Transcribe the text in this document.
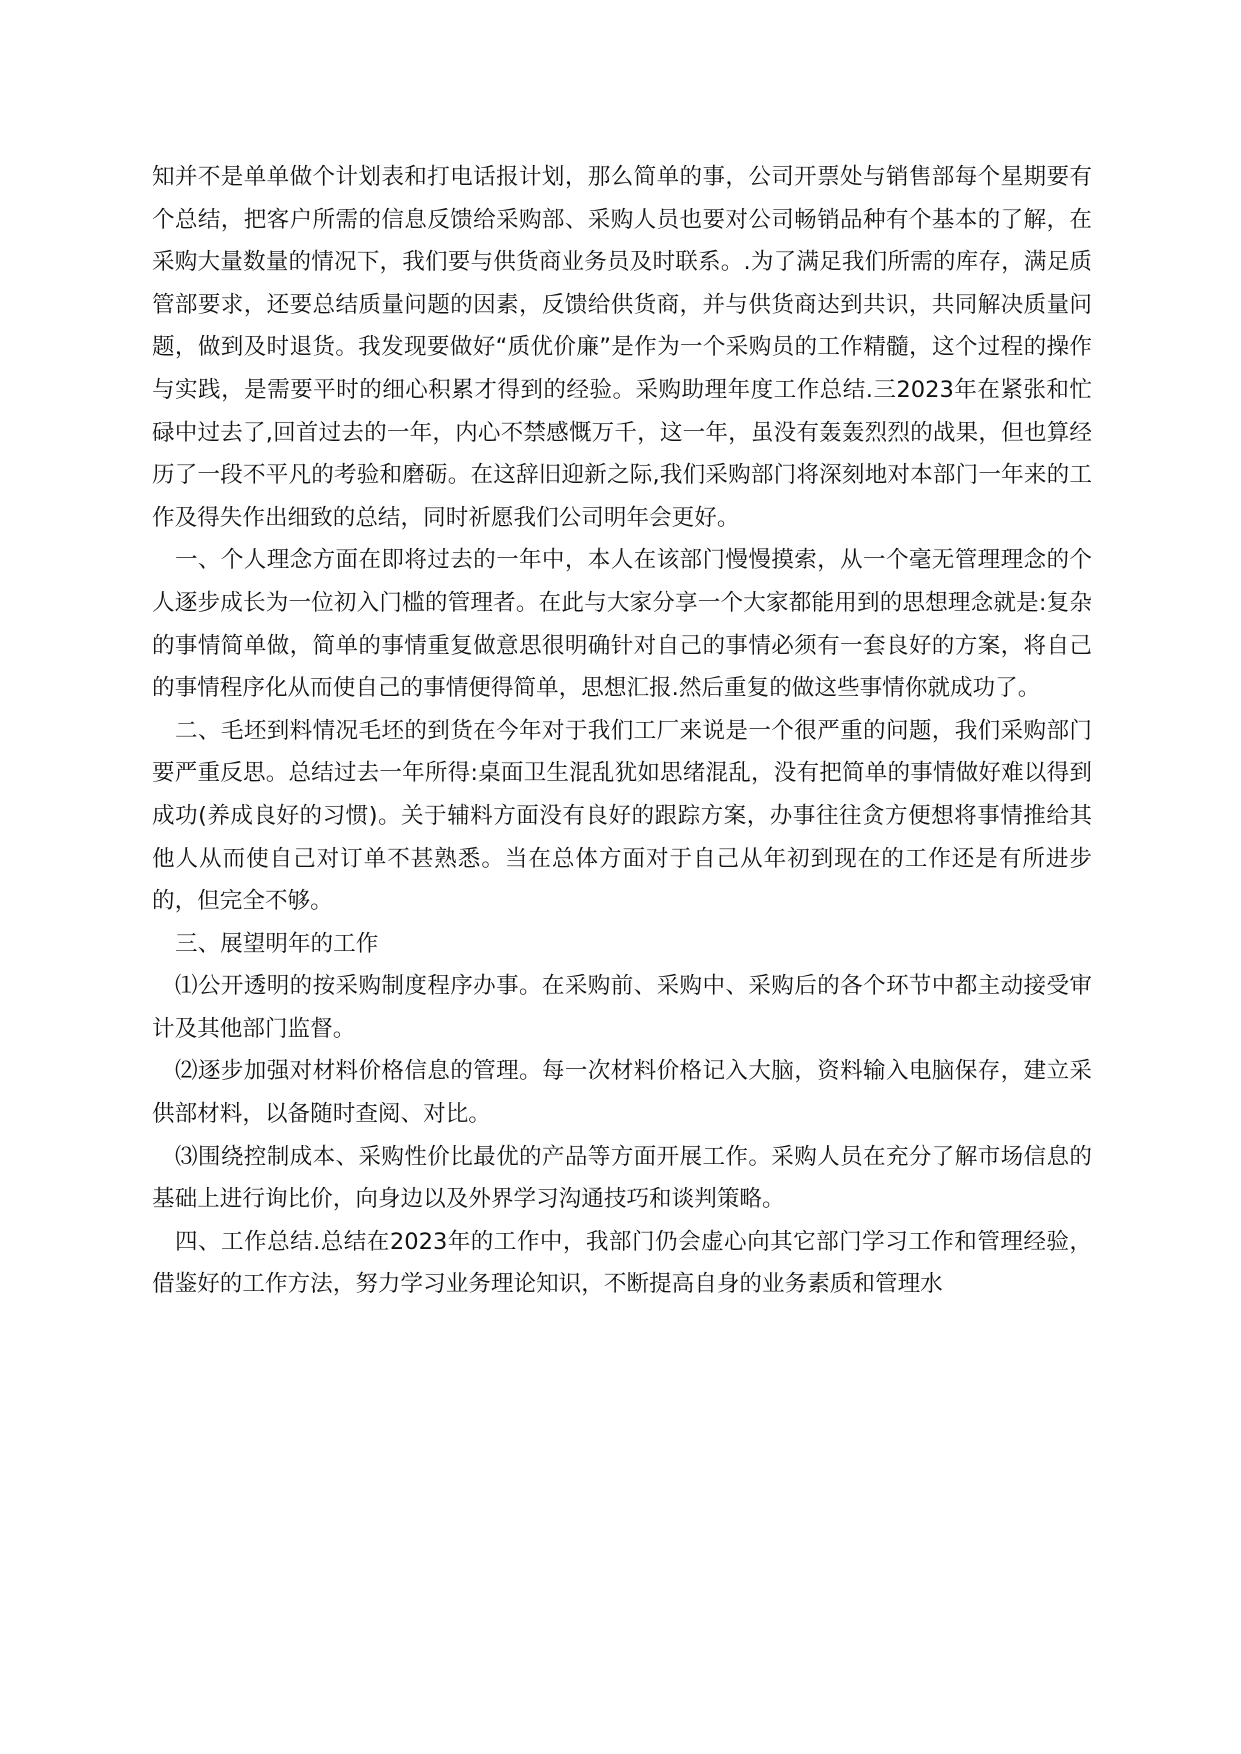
知并不是单单做个计划表和打电话报计划，那么简单的事，公司开票处与销售部每个星期要有个总结，把客户所需的信息反馈给采购部、采购人员也要对公司畅销品种有个基本的了解，在采购大量数量的情况下，我们要与供货商业务员及时联系。.为了满足我们所需的库存，满足质管部要求，还要总结质量问题的因素，反馈给供货商，并与供货商达到共识，共同解决质量问题，做到及时退货。我发现要做好“质优价廉”是作为一个采购员的工作精髓，这个过程的操作与实践，是需要平时的细心积累才得到的经验。采购助理年度工作总结.三2023年在紧张和忙碌中过去了,回首过去的一年，内心不禁感慨万千，这一年，虽没有轰轰烈烈的战果，但也算经历了一段不平凡的考验和磨砺。在这辞旧迎新之际,我们采购部门将深刻地对本部门一年来的工作及得失作出细致的总结，同时祈愿我们公司明年会更好。

一、个人理念方面在即将过去的一年中，本人在该部门慢慢摸索，从一个毫无管理理念的个人逐步成长为一位初入门槛的管理者。在此与大家分享一个大家都能用到的思想理念就是:复杂的事情简单做，简单的事情重复做意思很明确针对自己的事情必须有一套良好的方案，将自己的事情程序化从而使自己的事情便得简单，思想汇报.然后重复的做这些事情你就成功了。

二、毛坯到料情况毛坯的到货在今年对于我们工厂来说是一个很严重的问题，我们采购部门要严重反思。总结过去一年所得:桌面卫生混乱犹如思绪混乱，没有把简单的事情做好难以得到成功(养成良好的习惯)。关于辅料方面没有良好的跟踪方案，办事往往贪方便想将事情推给其他人从而使自己对订单不甚熟悉。当在总体方面对于自己从年初到现在的工作还是有所进步的，但完全不够。

三、展望明年的工作

⑴公开透明的按采购制度程序办事。在采购前、采购中、采购后的各个环节中都主动接受审计及其他部门监督。

⑵逐步加强对材料价格信息的管理。每一次材料价格记入大脑，资料输入电脑保存，建立采供部材料，以备随时查阅、对比。

⑶围绕控制成本、采购性价比最优的产品等方面开展工作。采购人员在充分了解市场信息的基础上进行询比价，向身边以及外界学习沟通技巧和谈判策略。

四、工作总结.总结在2023年的工作中，我部门仍会虚心向其它部门学习工作和管理经验，借鉴好的工作方法，努力学习业务理论知识，不断提高自身的业务素质和管理水
